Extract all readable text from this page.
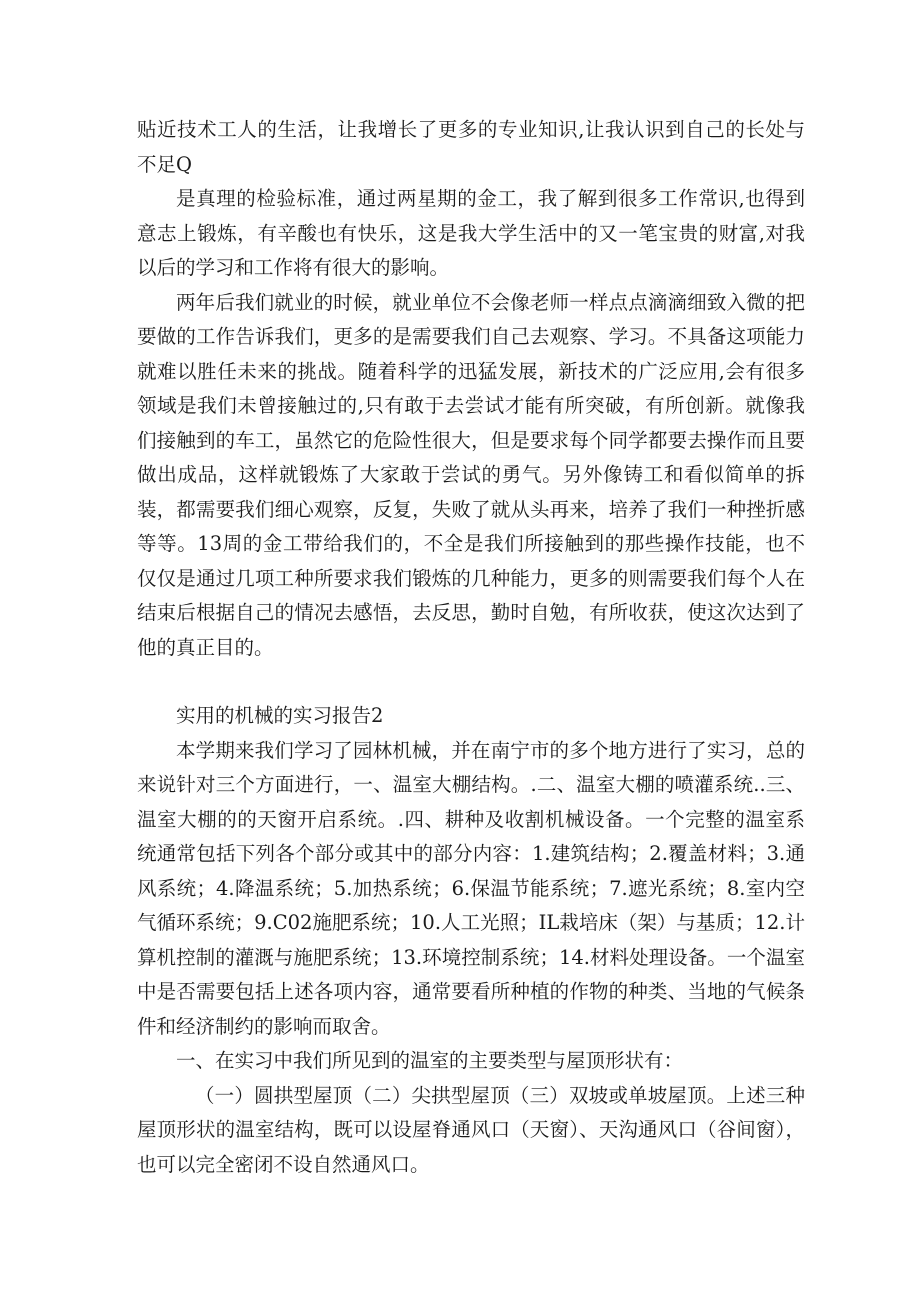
贴近技术工人的生活，让我增长了更多的专业知识,让我认识到自己的长处与不足Q

是真理的检验标准，通过两星期的金工，我了解到很多工作常识,也得到意志上锻炼，有辛酸也有快乐，这是我大学生活中的又一笔宝贵的财富,对我以后的学习和工作将有很大的影响。

两年后我们就业的时候，就业单位不会像老师一样点点滴滴细致入微的把要做的工作告诉我们，更多的是需要我们自己去观察、学习。不具备这项能力就难以胜任未来的挑战。随着科学的迅猛发展，新技术的广泛应用,会有很多领域是我们未曾接触过的,只有敢于去尝试才能有所突破，有所创新。就像我们接触到的车工，虽然它的危险性很大，但是要求每个同学都要去操作而且要做出成品，这样就锻炼了大家敢于尝试的勇气。另外像铸工和看似简单的拆装，都需要我们细心观察，反复，失败了就从头再来，培养了我们一种挫折感等等。13周的金工带给我们的，不全是我们所接触到的那些操作技能，也不仅仅是通过几项工种所要求我们锻炼的几种能力，更多的则需要我们每个人在结束后根据自己的情况去感悟，去反思，勤时自勉，有所收获，使这次达到了他的真正目的。

实用的机械的实习报告2

本学期来我们学习了园林机械，并在南宁市的多个地方进行了实习，总的来说针对三个方面进行，一、温室大棚结构。.二、温室大棚的喷灌系统..三、温室大棚的的天窗开启系统。.四、耕种及收割机械设备。一个完整的温室系统通常包括下列各个部分或其中的部分内容：1.建筑结构；2.覆盖材料；3.通风系统；4.降温系统；5.加热系统；6.保温节能系统；7.遮光系统；8.室内空气循环系统；9.C02施肥系统；10.人工光照；IL栽培床（架）与基质；12.计算机控制的灌溉与施肥系统；13.环境控制系统；14.材料处理设备。一个温室中是否需要包括上述各项内容，通常要看所种植的作物的种类、当地的气候条件和经济制约的影响而取舍。

一、在实习中我们所见到的温室的主要类型与屋顶形状有：

（一）圆拱型屋顶（二）尖拱型屋顶（三）双坡或单坡屋顶。上述三种屋顶形状的温室结构，既可以设屋脊通风口（天窗）、天沟通风口（谷间窗），也可以完全密闭不设自然通风口。
